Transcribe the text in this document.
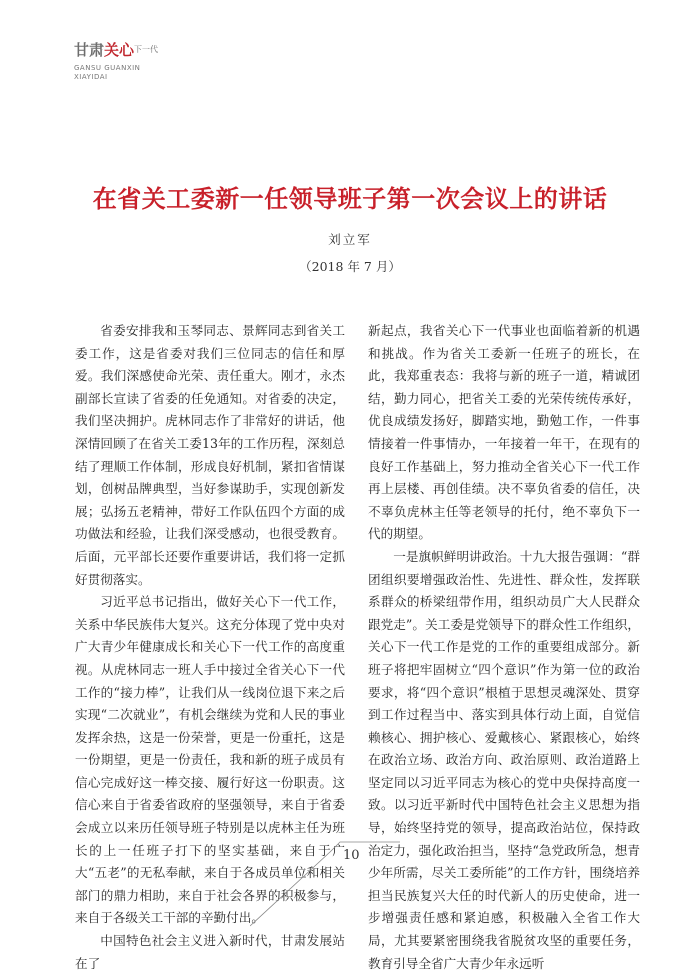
甘肃关心$^{下一代}$
GANSU GUANXIN
XIAYIDAI
在省关工委新一任领导班子第一次会议上的讲话
刘立军
（2018 年 7 月）

省委安排我和玉琴同志、景辉同志到省关工委工作，这是省委对我们三位同志的信任和厚爱。我们深感使命光荣、责任重大。刚才，永杰副部长宣读了省委的任免通知。对省委的决定，我们坚决拥护。虎林同志作了非常好的讲话，他深情回顾了在省关工委13年的工作历程，深刻总结了理顺工作体制，形成良好机制，紧扣省情谋划，创树品牌典型，当好参谋助手，实现创新发展；弘扬五老精神，带好工作队伍四个方面的成功做法和经验，让我们深受感动，也很受教育。后面，元平部长还要作重要讲话，我们将一定抓好贯彻落实。

习近平总书记指出，做好关心下一代工作，关系中华民族伟大复兴。这充分体现了党中央对广大青少年健康成长和关心下一代工作的高度重视。从虎林同志一班人手中接过全省关心下一代工作的“接力棒”，让我们从一线岗位退下来之后实现“二次就业”，有机会继续为党和人民的事业发挥余热，这是一份荣誉，更是一份重托，这是一份期望，更是一份责任，我和新的班子成员有信心完成好这一棒交接、履行好这一份职责。这信心来自于省委省政府的坚强领导，来自于省委会成立以来历任领导班子特别是以虎林主任为班长的上一任班子打下的坚实基础，来自于广大“五老”的无私奉献，来自于各成员单位和相关部门的鼎力相助，来自于社会各界的积极参与，来自于各级关工干部的辛勤付出。

中国特色社会主义进入新时代，甘肃发展站在了

新起点，我省关心下一代事业也面临着新的机遇和挑战。作为省关工委新一任班子的班长，在此，我郑重表态：我将与新的班子一道，精诚团结，勤力同心，把省关工委的光荣传统传承好，优良成绩发扬好，脚踏实地，勤勉工作，一件事情接着一件事情办，一年接着一年干，在现有的良好工作基础上，努力推动全省关心下一代工作再上层楼、再创佳绩。决不辜负省委的信任，决不辜负虎林主任等老领导的托付，绝不辜负下一代的期望。

一是旗帜鲜明讲政治。十九大报告强调：“群团组织要增强政治性、先进性、群众性，发挥联系群众的桥梁纽带作用，组织动员广大人民群众跟党走”。关工委是党领导下的群众性工作组织，关心下一代工作是党的工作的重要组成部分。新班子将把牢固树立“四个意识”作为第一位的政治要求，将“四个意识”根植于思想灵魂深处、贯穿到工作过程当中、落实到具体行动上面，自觉信赖核心、拥护核心、爱戴核心、紧跟核心，始终在政治立场、政治方向、政治原则、政治道路上坚定同以习近平同志为核心的党中央保持高度一致。以习近平新时代中国特色社会主义思想为指导，始终坚持党的领导，提高政治站位，保持政治定力，强化政治担当，坚持“急党政所急，想青少年所需，尽关工委所能”的工作方针，围绕培养担当民族复兴大任的时代新人的历史使命，进一步增强责任感和紧迫感，积极融入全省工作大局，尤其要紧密围绕我省脱贫攻坚的重要任务，教育引导全省广大青少年永远听

10
